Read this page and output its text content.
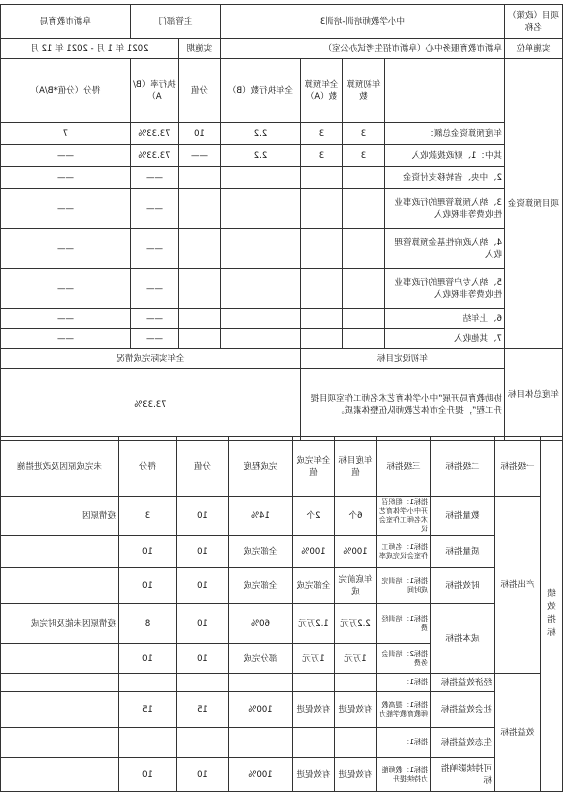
项目（政策）名称	中小学教师培训-培训3				主管部门		阜新市教育局
实施单位	阜新市教育服务中心（阜新市招生考试办公室）				实施期	2021 年 1 月 - 2021 年 12 月	
项目预算资金		年初预算数	全年预算数（A）	全年执行数（B）	分值	执行率（B/A）	得分（分值*B/A）
	年度预算资金总额：	3	3	2.2	10	73.33%	7
	其中：1、财政拨款收入	3	3	2.2	——	73.33%	——
	2、中央、省转移支付资金					——	——
	3、纳入预算管理的行政事业性收费等非税收入					——	——
	4、纳入政府性基金预算管理收入					——	——
	5、纳入专户管理的行政事业性收费等非税收入					——	——
	6、上年结					——	——
	7、其他收入					——	——
年度总体目标	年初设定目标			全年实际完成情况			
	协助教育局开展“中小学体育艺术名师工作室项目提升工程”，提升全市体艺教师队伍整体素质。			73.33%			
绩效指标	一级指标	二级指标	三级指标	年度目标值	全年完成值	完成程度	分值	得分	未完成原因及改进措施
	产出指标	数量指标	指标1：组织召开中小学体育艺术名师工作室会议	6个	2个	14%	10	3	疫情原因
		质量指标	指标1：名师工作室会议完成率	100%	100%	全部完成	10	10	
		时效指标	指标1：培训完成时间	年底前完成	全部完成	全部完成	10	10	
		成本指标	指标1：培训经费	2.2万元	1.2万元	60%	10	8	疫情原因未能及时完成
			指标2：培训会务费	1万元	1万元	部分完成	10	10	
	效益指标	经济效益指标	指标1：						
		社会效益指标	指标1：提高教师教育教学能力	有效促进	有效促进	100%	15	15	
		生态效益指标	指标1：						
		可持续影响指标	指标1：教师能力持续提升	有效促进	有效促进	100%	10	10	
